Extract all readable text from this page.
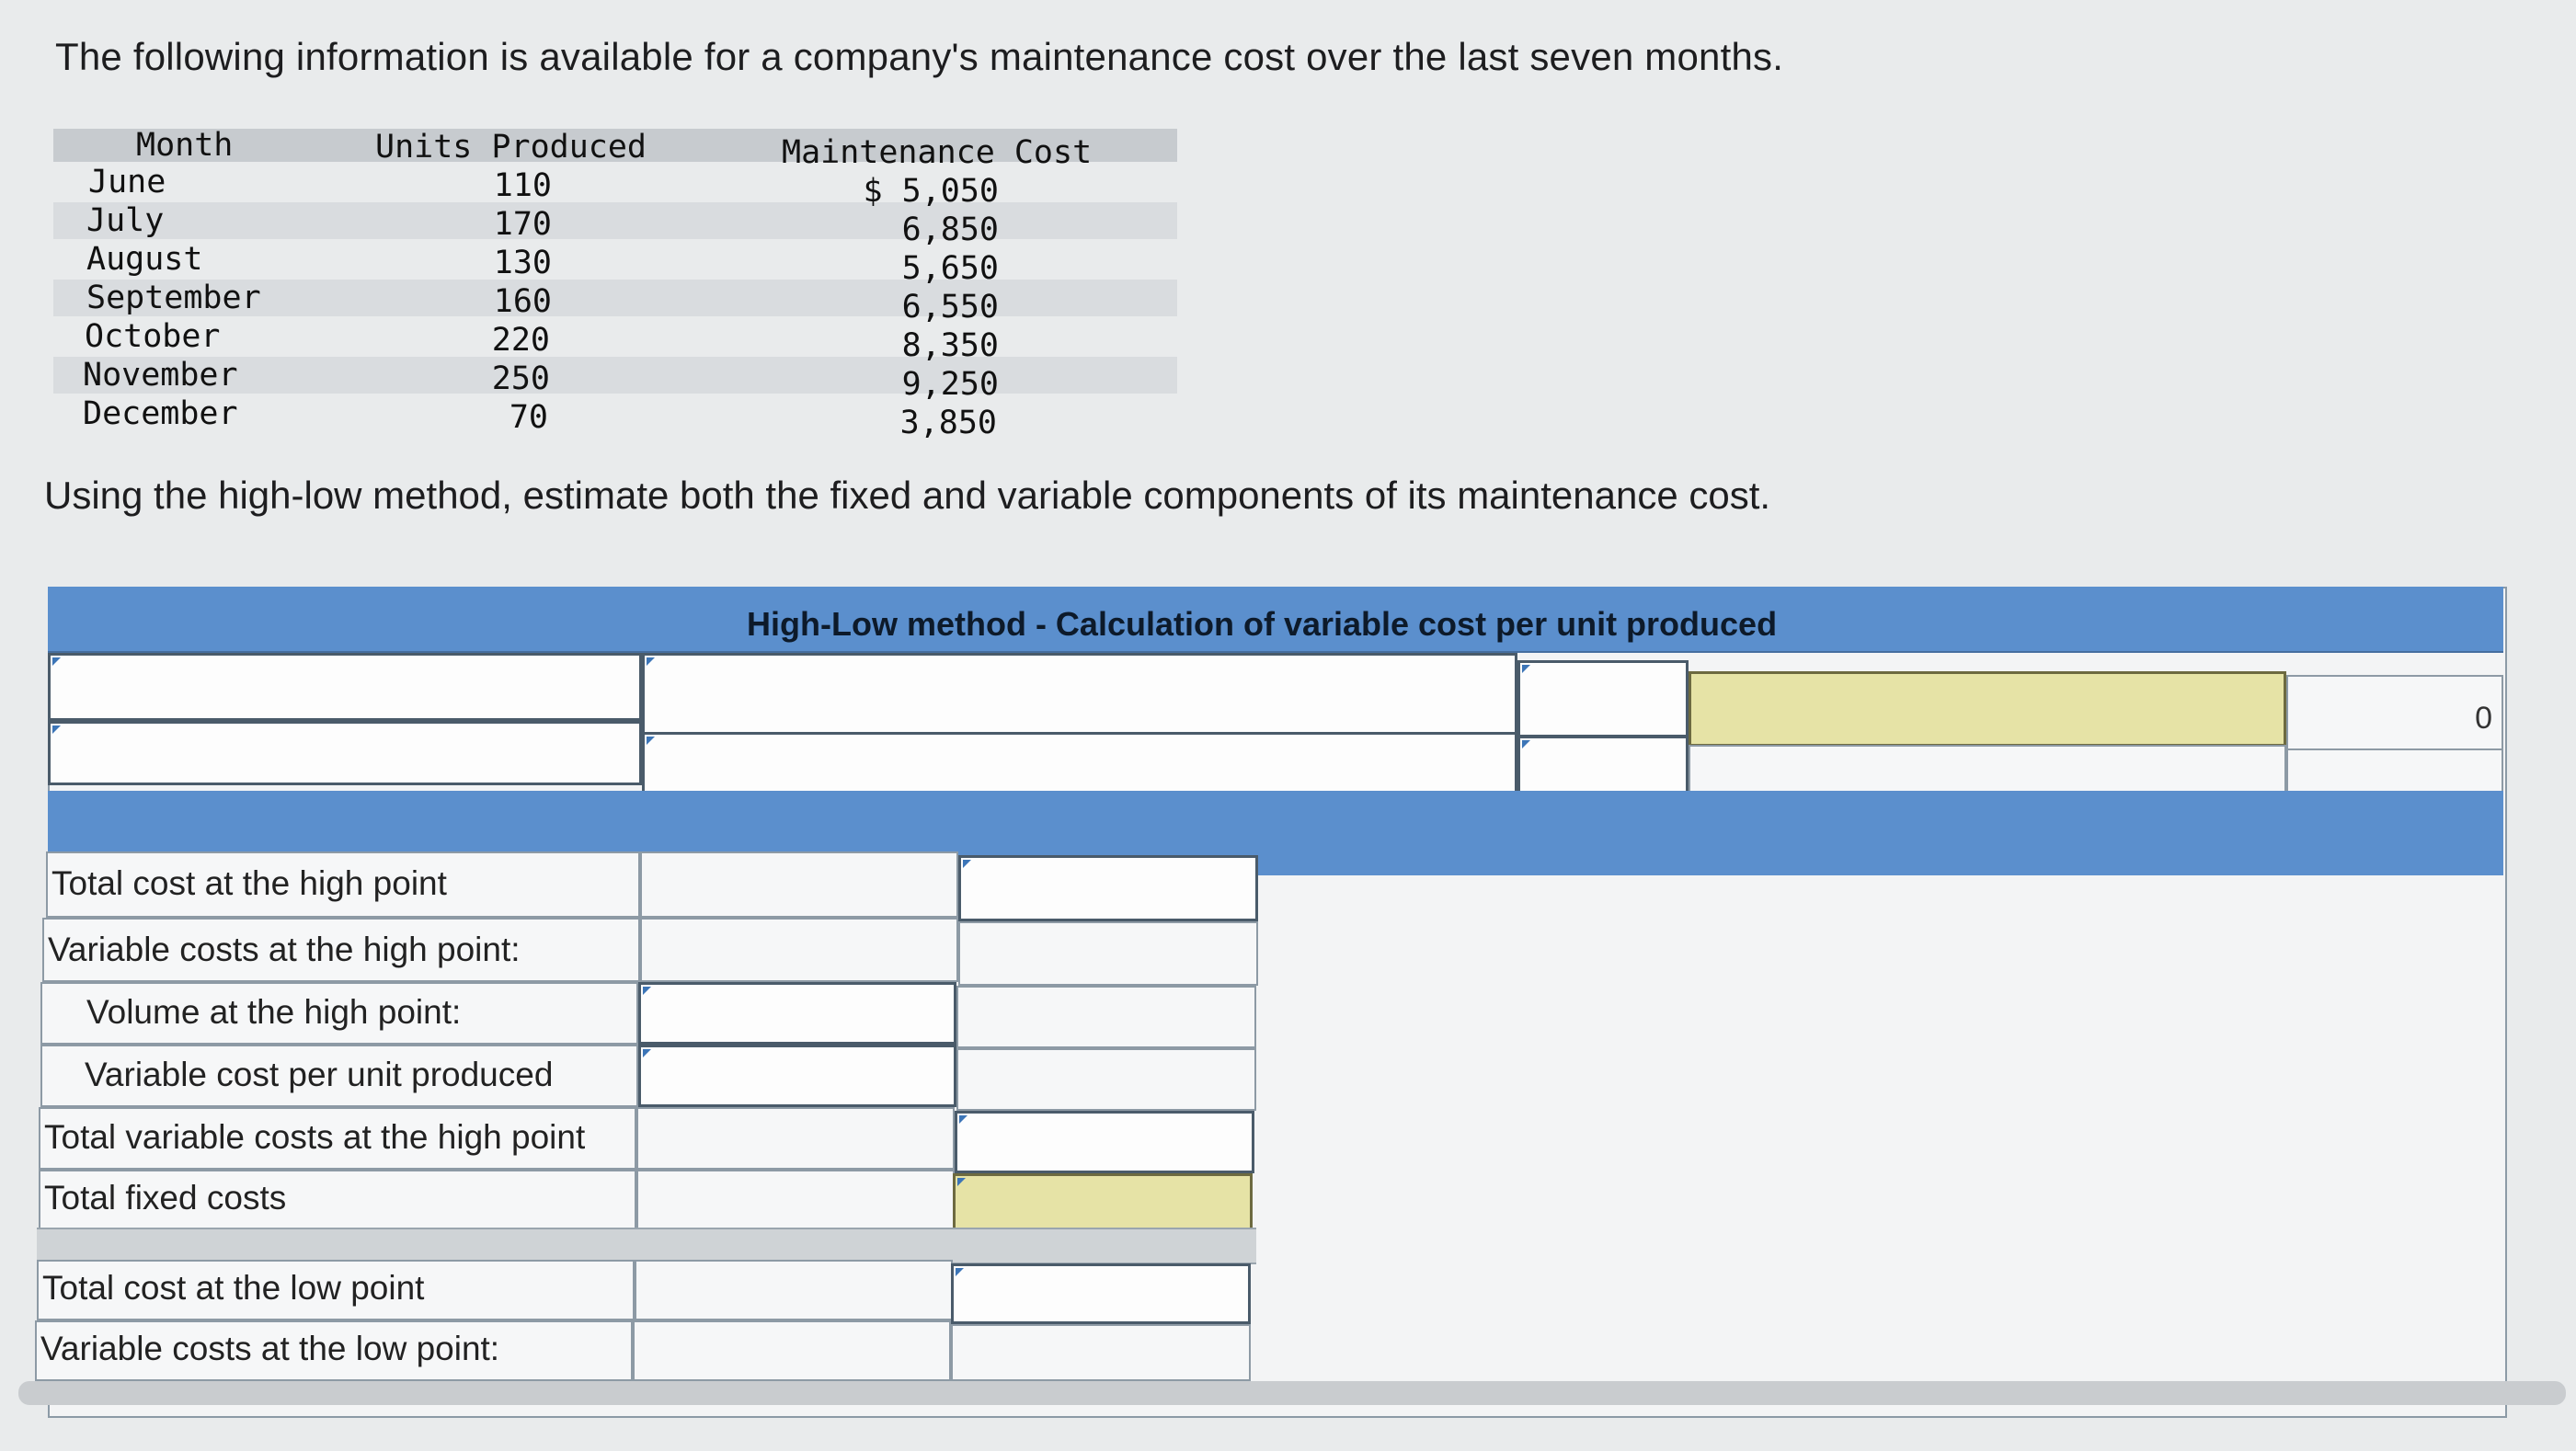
The following information is available for a company's maintenance cost over the last seven months.
Month	Units Produced	Maintenance Cost
June
July
August
September
October
November
December
110
170
130
160
220
250
70
$ 5,050
6,850
5,650
6,550
8,350
9,250
3,850
Using the high-low method, estimate both the fixed and variable components of its maintenance cost.
High-Low method - Calculation of variable cost per unit produced
0
Total cost at the high point
Variable costs at the high point:
Volume at the high point:
Variable cost per unit produced
Total variable costs at the high point
Total fixed costs
Total cost at the low point
Variable costs at the low point:
